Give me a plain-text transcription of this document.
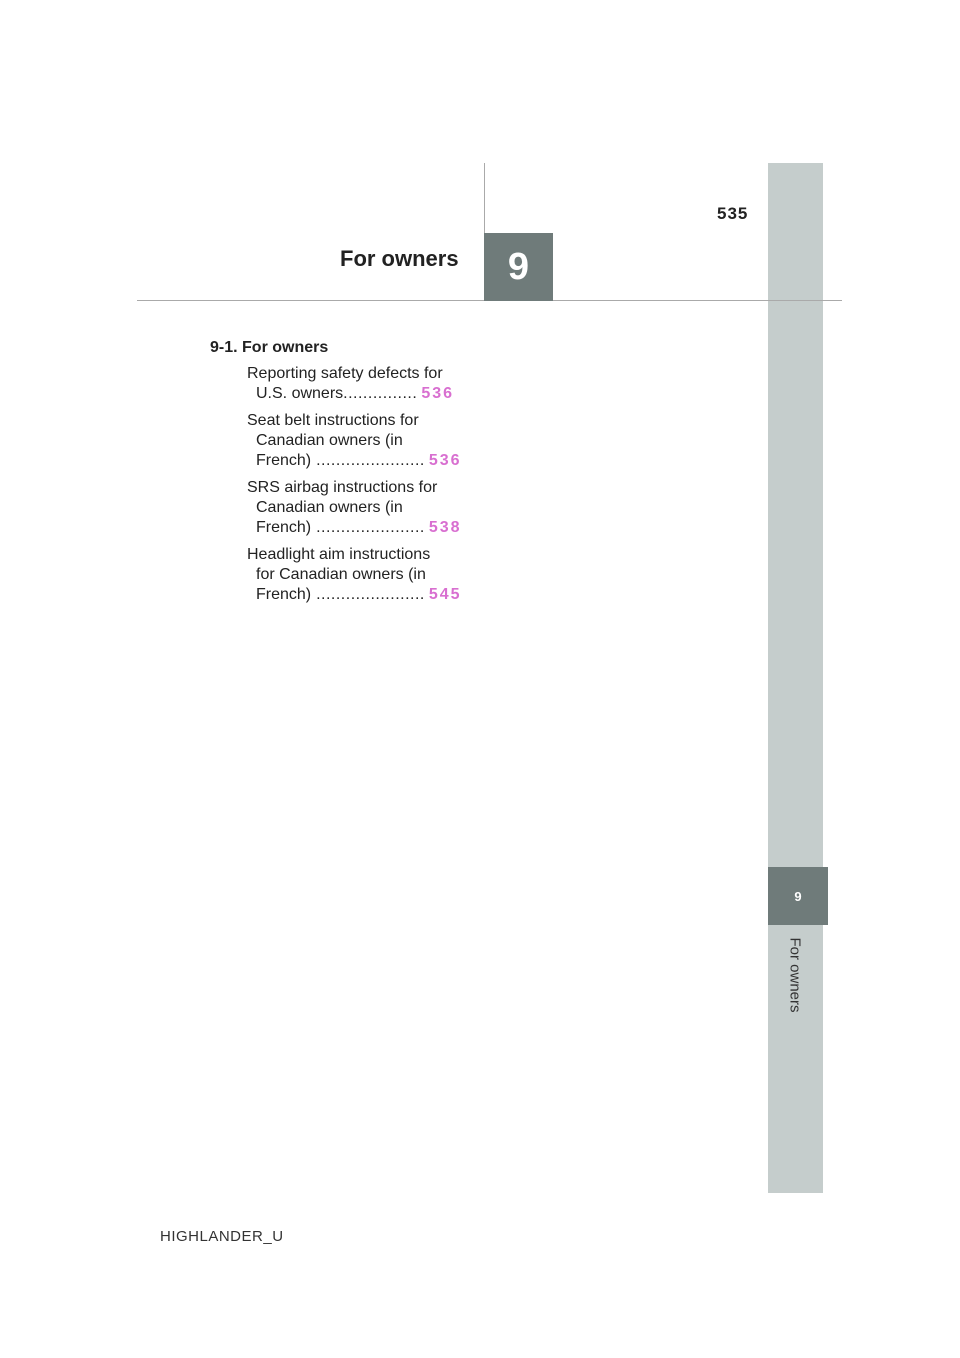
9
For owners
535
9
For owners
9-1. For owners
Reporting safety defects for
U.S. owners............... 536
Seat belt instructions for
Canadian owners (in
French) ...................... 536
SRS airbag instructions for
Canadian owners (in
French) ...................... 538
Headlight aim instructions
for Canadian owners (in
French) ...................... 545
HIGHLANDER_U
